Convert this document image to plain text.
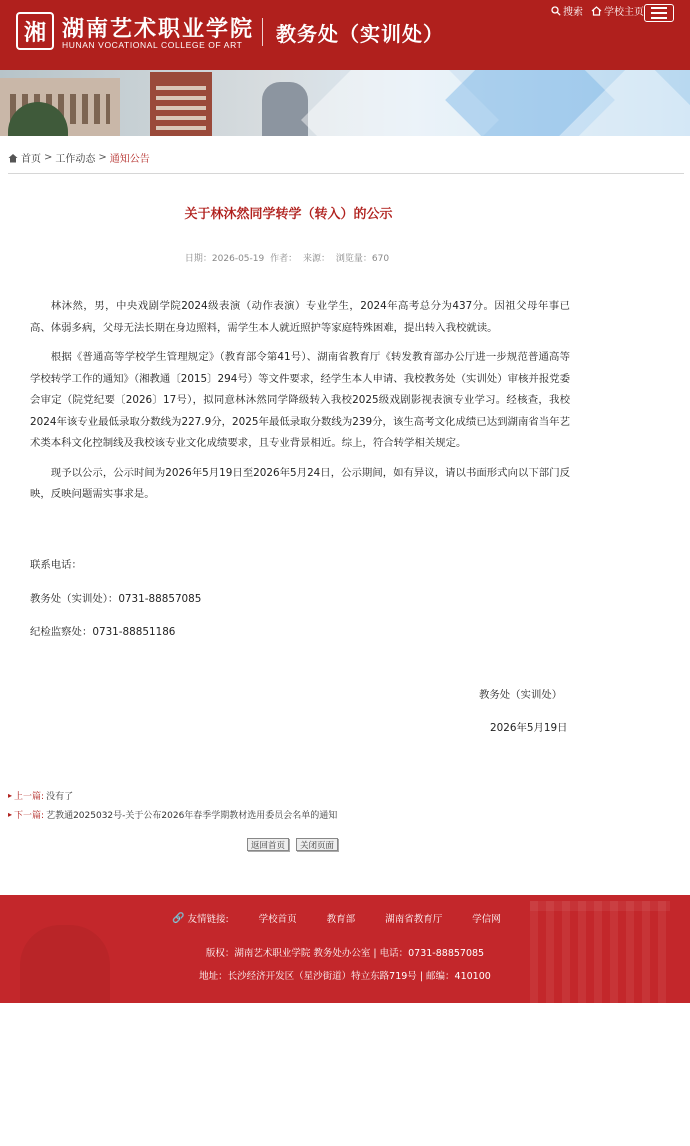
湘 湖南艺术职业学院
HUNAN VOCATIONAL COLLEGE OF ART 教务处（实训处）
搜索 学校主页
首页 > 工作动态 > 通知公告
关于林沐然同学转学（转入）的公示
日期：2026-05-19 作者： 来源： 浏览量：670

林沐然，男，中央戏剧学院2024级表演（动作表演）专业学生，2024年高考总分为437分。因祖父母年事已高、体弱多病，父母无法长期在身边照料，需学生本人就近照护等家庭特殊困难，提出转入我校就读。

根据《普通高等学校学生管理规定》（教育部令第41号）、湖南省教育厅《转发教育部办公厅进一步规范普通高等学校转学工作的通知》（湘教通〔2015〕294号）等文件要求，经学生本人申请、我校教务处（实训处）审核并报党委会审定（院党纪要〔2026〕17号），拟同意林沐然同学降级转入我校2025级戏剧影视表演专业学习。经核查，我校2024年该专业最低录取分数线为227.9分，2025年最低录取分数线为239分，该生高考文化成绩已达到湖南省当年艺术类本科文化控制线及我校该专业文化成绩要求，且专业背景相近。综上，符合转学相关规定。

现予以公示，公示时间为2026年5月19日至2026年5月24日，公示期间，如有异议，请以书面形式向以下部门反映，反映问题需实事求是。

联系电话：
教务处（实训处）：0731-88857085
纪检监察处：0731-88851186
教务处（实训处）
2026年5月19日
▸ 上一篇: 没有了
▸ 下一篇: 艺教通2025032号-关于公布2026年春季学期教材选用委员会名单的通知
返回首页	关闭页面
🔗 友情链接:	学校首页	教育部	湖南省教育厅	学信网
版权：湖南艺术职业学院 教务处办公室 | 电话：0731-88857085
地址：长沙经济开发区（星沙街道）特立东路719号 | 邮编：410100
